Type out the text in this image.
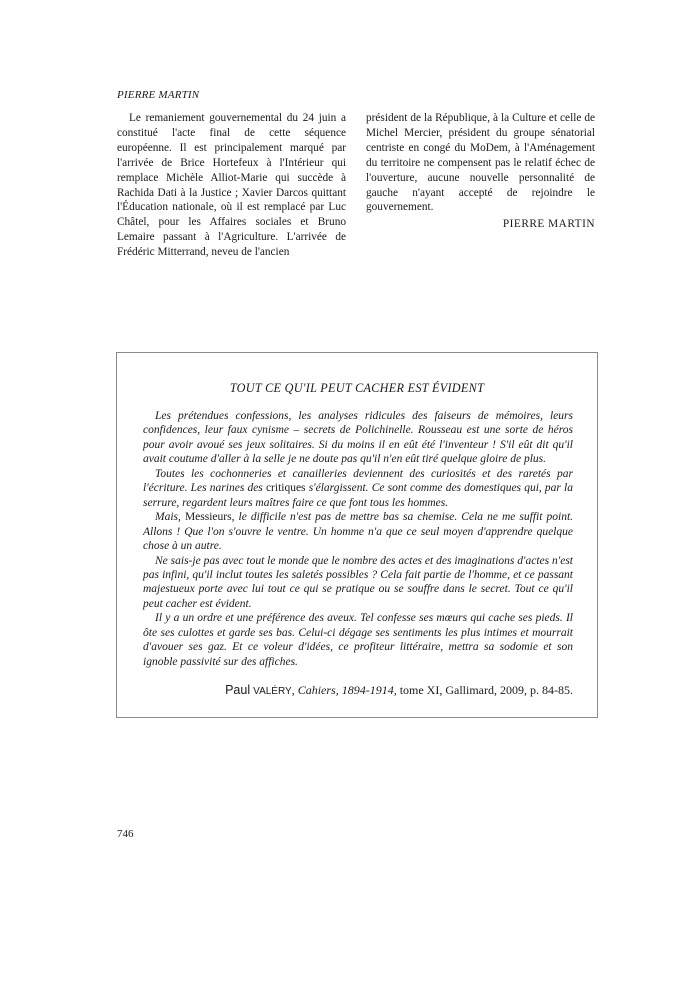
PIERRE MARTIN

Le remaniement gouvernemental du 24 juin a constitué l'acte final de cette séquence européenne. Il est principalement marqué par l'arrivée de Brice Hortefeux à l'Intérieur qui remplace Michèle Alliot-Marie qui succède à Rachida Dati à la Justice ; Xavier Darcos quittant l'Éducation nationale, où il est remplacé par Luc Châtel, pour les Affaires sociales et Bruno Lemaire passant à l'Agriculture. L'arrivée de Frédéric Mitterrand, neveu de l'ancien

président de la République, à la Culture et celle de Michel Mercier, président du groupe sénatorial centriste en congé du MoDem, à l'Aménagement du territoire ne compensent pas le relatif échec de l'ouverture, aucune nouvelle personnalité de gauche n'ayant accepté de rejoindre le gouvernement.

PIERRE MARTIN
TOUT CE QU'IL PEUT CACHER EST ÉVIDENT

Les prétendues confessions, les analyses ridicules des faiseurs de mémoires, leurs confidences, leur faux cynisme – secrets de Polichinelle. Rousseau est une sorte de héros pour avoir avoué ses jeux solitaires. Si du moins il en eût été l'inventeur ! S'il eût dit qu'il avait coutume d'aller à la selle je ne doute pas qu'il n'en eût tiré quelque gloire de plus.

Toutes les cochonneries et canailleries deviennent des curiosités et des raretés par l'écriture. Les narines des critiques s'élargissent. Ce sont comme des domestiques qui, par la serrure, regardent leurs maîtres faire ce que font tous les hommes.

Mais, Messieurs, le difficile n'est pas de mettre bas sa chemise. Cela ne me suffit point. Allons ! Que l'on s'ouvre le ventre. Un homme n'a que ce seul moyen d'apprendre quelque chose à un autre.

Ne sais-je pas avec tout le monde que le nombre des actes et des imaginations d'actes n'est pas infini, qu'il inclut toutes les saletés possibles ? Cela fait partie de l'homme, et ce passant majestueux porte avec lui tout ce qui se pratique ou se souffre dans le secret. Tout ce qu'il peut cacher est évident.

Il y a un ordre et une préférence des aveux. Tel confesse ses mœurs qui cache ses pieds. Il ôte ses culottes et garde ses bas. Celui-ci dégage ses sentiments les plus intimes et mourrait d'avouer ses gaz. Et ce voleur d'idées, ce profiteur littéraire, mettra sa sodomie et son ignoble passivité sur des affiches.

Paul VALÉRY, Cahiers, 1894-1914, tome XI, Gallimard, 2009, p. 84-85.
746
